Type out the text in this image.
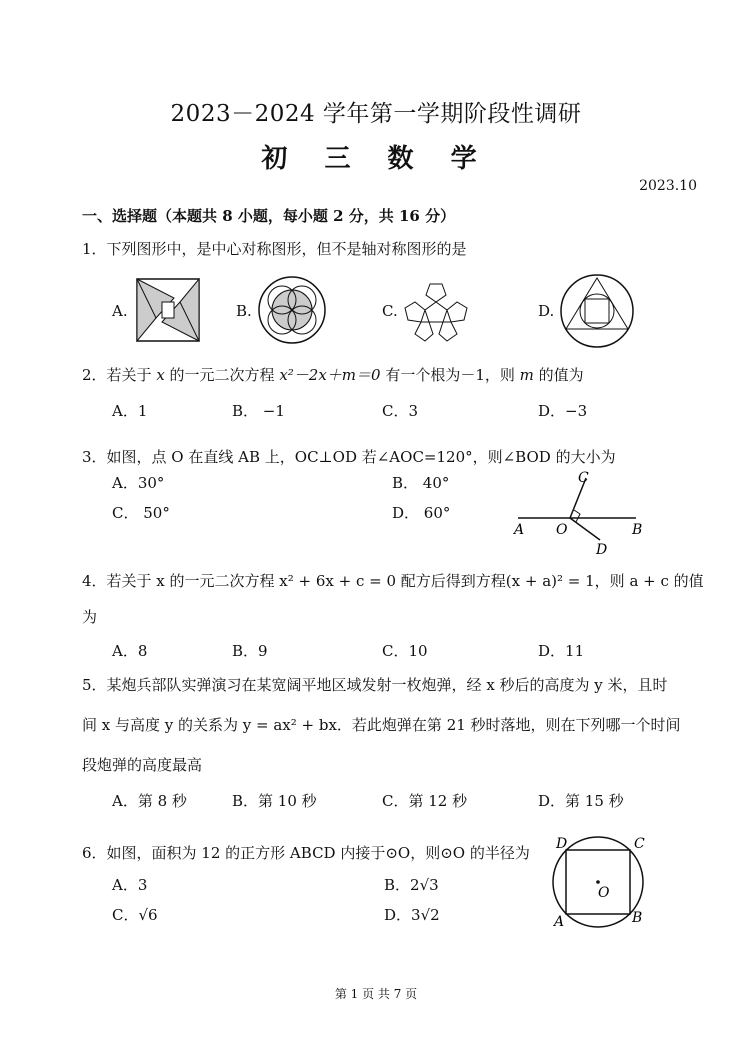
2023－2024 学年第一学期阶段性调研
初 三 数 学
2023.10
一、选择题（本题共 8 小题，每小题 2 分，共 16 分）
1．下列图形中，是中心对称图形，但不是轴对称图形的是
A.	B.	C.	D.
2．若关于 x 的一元二次方程 x²－2x＋m＝0 有一个根为－1，则 m 的值为
A．1	B． −1	C．3	D．−3
3．如图，点 O 在直线 AB 上，OC⊥OD 若∠AOC=120°，则∠BOD 的大小为
A．30°	B． 40°
C． 50°	D． 60°
A O	B
C
D
4．若关于 x 的一元二次方程 x² + 6x + c = 0 配方后得到方程(x + a)² = 1，则 a + c 的值
为
A．8	B．9	C．10	D．11
5．某炮兵部队实弹演习在某宽阔平地区域发射一枚炮弹，经 x 秒后的高度为 y 米，且时
间 x 与高度 y 的关系为 y = ax² + bx．若此炮弹在第 21 秒时落地，则在下列哪一个时间
段炮弹的高度最高
A．第 8 秒	B．第 10 秒	C．第 12 秒	D．第 15 秒
6．如图，面积为 12 的正方形 ABCD 内接于⊙O，则⊙O 的半径为
A．3	B．2√3
C．√6	D．3√2
D	C
A	B
O
第 1 页 共 7 页
